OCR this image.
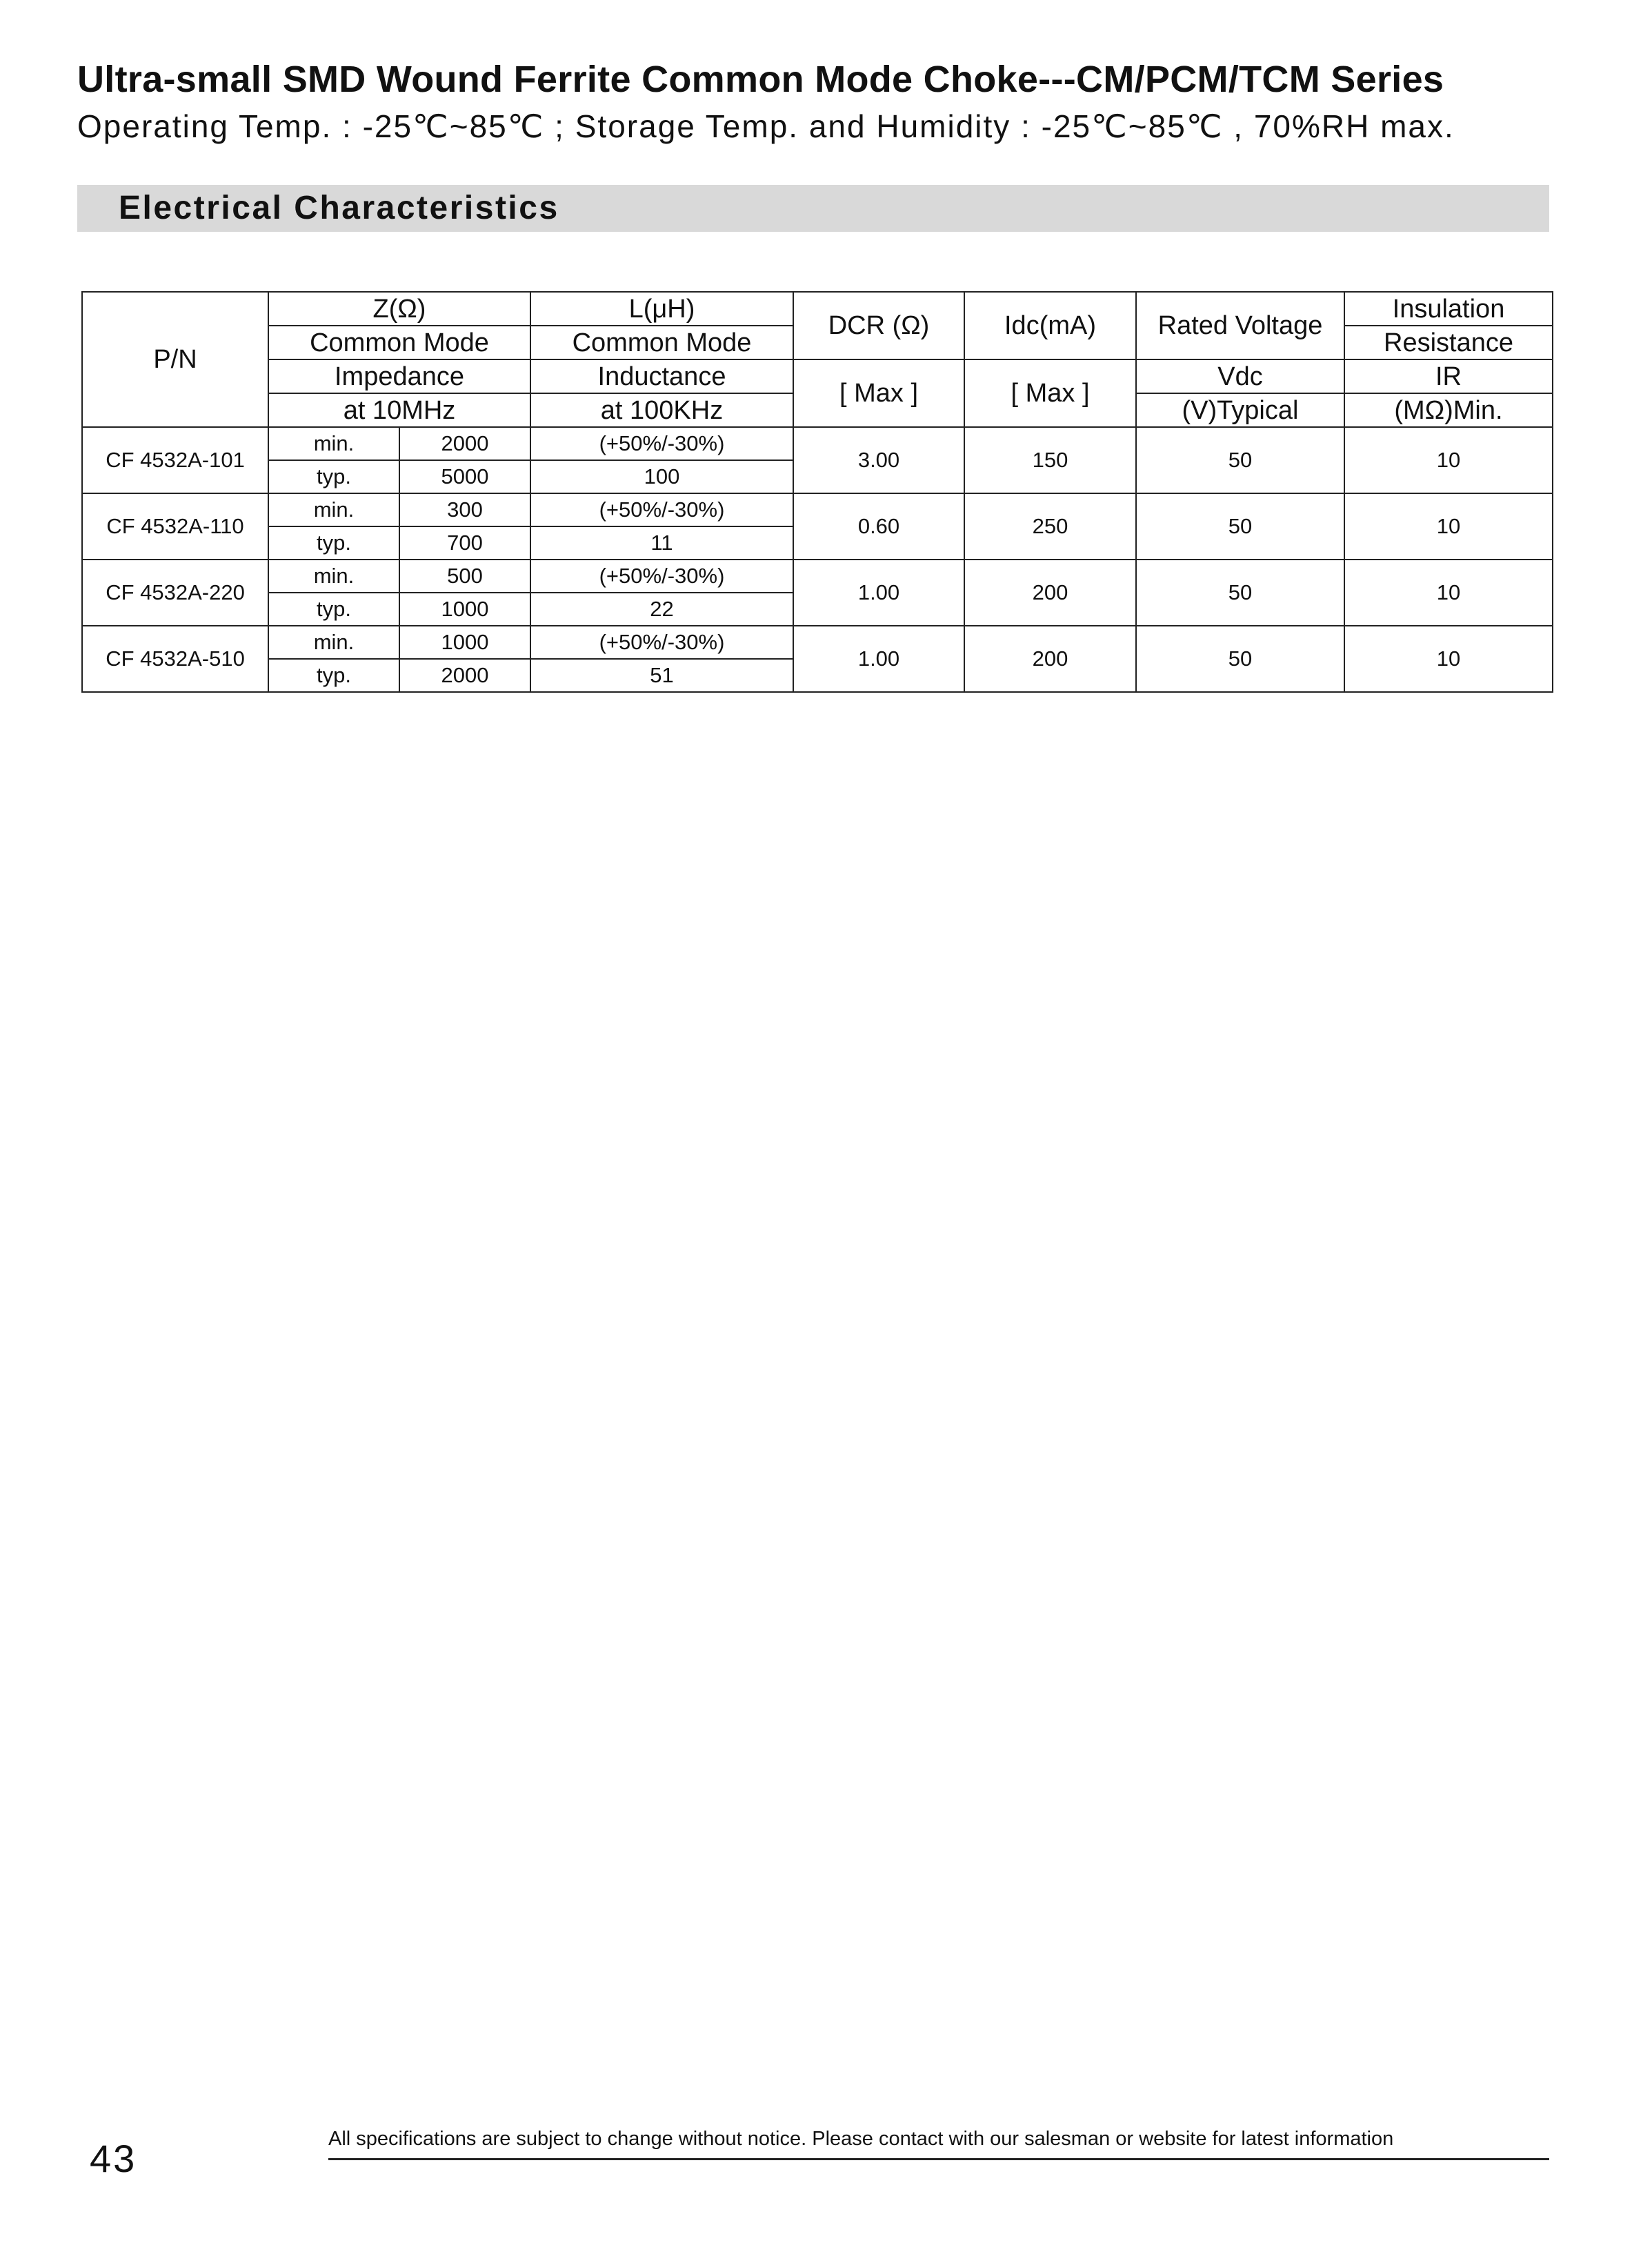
Ultra-small SMD Wound Ferrite Common Mode Choke---CM/PCM/TCM Series
Operating Temp. : -25℃~85℃ ; Storage Temp. and Humidity : -25℃~85℃ , 70%RH max.
Electrical Characteristics
P/N	Z(Ω)		L(μH)	DCR (Ω)	Idc(mA)	Rated Voltage	Insulation
	Common Mode		Common Mode				Resistance
	Impedance		Inductance	[ Max ]	[ Max ]	Vdc	IR
	at 10MHz		at 100KHz			(V)Typical	(MΩ)Min.
CF 4532A-101	min.	2000	(+50%/-30%)	3.00	150	50	10
	typ.	5000	100				
CF 4532A-110	min.	300	(+50%/-30%)	0.60	250	50	10
	typ.	700	11				
CF 4532A-220	min.	500	(+50%/-30%)	1.00	200	50	10
	typ.	1000	22				
CF 4532A-510	min.	1000	(+50%/-30%)	1.00	200	50	10
	typ.	2000	51				
43	All specifications are subject to change without notice. Please contact with our salesman or website for latest information
